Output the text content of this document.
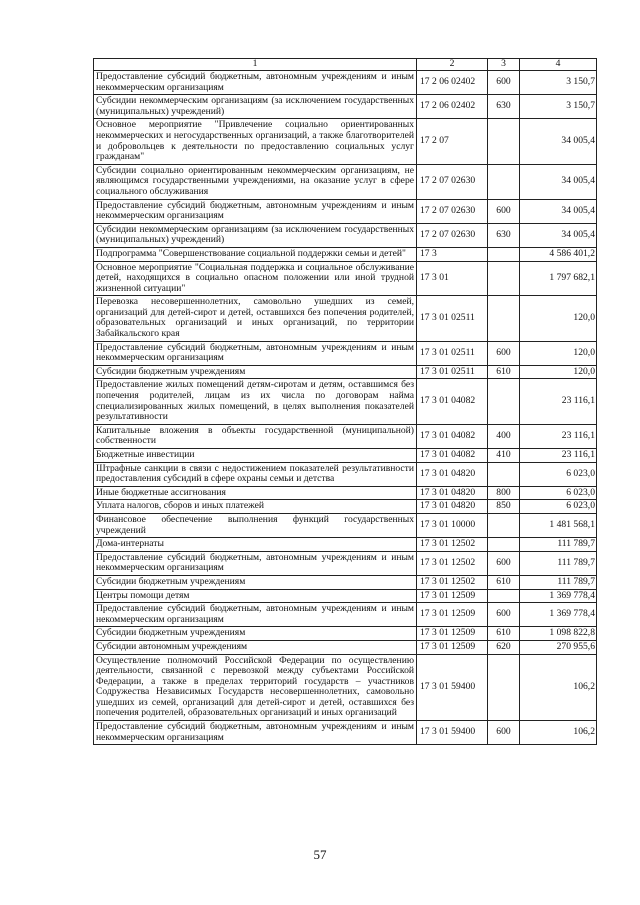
1	2	3	4
Предоставление субсидий бюджетным, автономным учреждениям и иным некоммерческим организациям	17 2 06 02402	600	3 150,7
Субсидии некоммерческим организациям (за исключением государственных (муниципальных) учреждений)	17 2 06 02402	630	3 150,7
Основное мероприятие "Привлечение социально ориентированных некоммерческих и негосударственных организаций, а также благотворителей и добровольцев к деятельности по предоставлению социальных услуг гражданам"	17 2 07		34 005,4
Субсидии социально ориентированным некоммерческим организациям, не являющимся государственными учреждениями, на оказание услуг в сфере социального обслуживания	17 2 07 02630		34 005,4
Предоставление субсидий бюджетным, автономным учреждениям и иным некоммерческим организациям	17 2 07 02630	600	34 005,4
Субсидии некоммерческим организациям (за исключением государственных (муниципальных) учреждений)	17 2 07 02630	630	34 005,4
Подпрограмма "Совершенствование социальной поддержки семьи и детей"	17 3		4 586 401,2
Основное мероприятие "Социальная поддержка и социальное обслуживание детей, находящихся в социально опасном положении или иной трудной жизненной ситуации"	17 3 01		1 797 682,1
Перевозка несовершеннолетних, самовольно ушедших из семей, организаций для детей-сирот и детей, оставшихся без попечения родителей, образовательных организаций и иных организаций, по территории Забайкальского края	17 3 01 02511		120,0
Предоставление субсидий бюджетным, автономным учреждениям и иным некоммерческим организациям	17 3 01 02511	600	120,0
Субсидии бюджетным учреждениям	17 3 01 02511	610	120,0
Предоставление жилых помещений детям-сиротам и детям, оставшимся без попечения родителей, лицам из их числа по договорам найма специализированных жилых помещений, в целях выполнения показателей результативности	17 3 01 04082		23 116,1
Капитальные вложения в объекты государственной (муниципальной) собственности	17 3 01 04082	400	23 116,1
Бюджетные инвестиции	17 3 01 04082	410	23 116,1
Штрафные санкции в связи с недостижением показателей результативности предоставления субсидий в сфере охраны семьи и детства	17 3 01 04820		6 023,0
Иные бюджетные ассигнования	17 3 01 04820	800	6 023,0
Уплата налогов, сборов и иных платежей	17 3 01 04820	850	6 023,0
Финансовое обеспечение выполнения функций государственных учреждений	17 3 01 10000		1 481 568,1
Дома-интернаты	17 3 01 12502		111 789,7
Предоставление субсидий бюджетным, автономным учреждениям и иным некоммерческим организациям	17 3 01 12502	600	111 789,7
Субсидии бюджетным учреждениям	17 3 01 12502	610	111 789,7
Центры помощи детям	17 3 01 12509		1 369 778,4
Предоставление субсидий бюджетным, автономным учреждениям и иным некоммерческим организациям	17 3 01 12509	600	1 369 778,4
Субсидии бюджетным учреждениям	17 3 01 12509	610	1 098 822,8
Субсидии автономным учреждениям	17 3 01 12509	620	270 955,6
Осуществление полномочий Российской Федерации по осуществлению деятельности, связанной с перевозкой между субъектами Российской Федерации, а также в пределах территорий государств – участников Содружества Независимых Государств несовершеннолетних, самовольно ушедших из семей, организаций для детей-сирот и детей, оставшихся без попечения родителей, образовательных организаций и иных организаций	17 3 01 59400		106,2
Предоставление субсидий бюджетным, автономным учреждениям и иным некоммерческим организациям	17 3 01 59400	600	106,2
57
